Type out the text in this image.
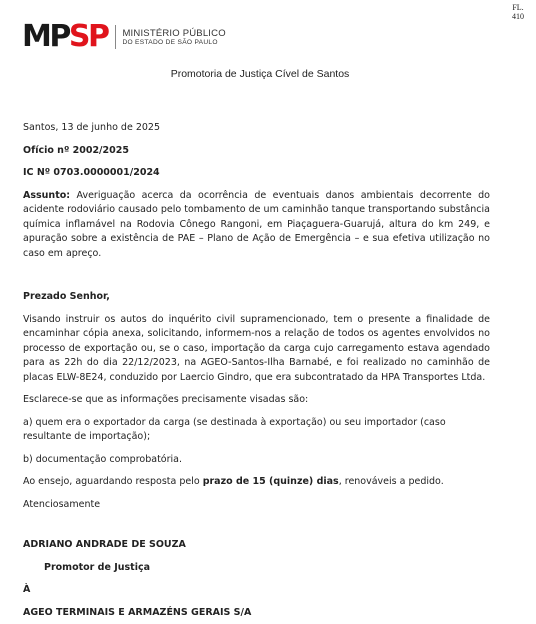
FL.
410
MPSP MINISTÉRIO PÚBLICO
DO ESTADO DE SÃO PAULO
Promotoria de Justiça Cível de Santos

Santos, 13 de junho de 2025

Ofício nº 2002/2025

IC Nº 0703.0000001/2024

Assunto: Averiguação acerca da ocorrência de eventuais danos ambientais decorrente do acidente rodoviário causado pelo tombamento de um caminhão tanque transportando substância química inflamável na Rodovia Cônego Rangoni, em Piaçaguera-Guarujá, altura do km 249, e apuração sobre a existência de PAE – Plano de Ação de Emergência – e sua efetiva utilização no caso em apreço.

Prezado Senhor,

Visando instruir os autos do inquérito civil supramencionado, tem o presente a finalidade de encaminhar cópia anexa, solicitando, informem-nos a relação de todos os agentes envolvidos no processo de exportação ou, se o caso, importação da carga cujo carregamento estava agendado para as 22h do dia 22/12/2023, na AGEO-Santos-Ilha Barnabé, e foi realizado no caminhão de placas ELW-8E24, conduzido por Laercio Gindro, que era subcontratado da HPA Transportes Ltda.

Esclarece-se que as informações precisamente visadas são:

a) quem era o exportador da carga (se destinada à exportação) ou seu importador (caso resultante de importação);

b) documentação comprobatória.

Ao ensejo, aguardando resposta pelo prazo de 15 (quinze) dias, renováveis a pedido.

Atenciosamente

ADRIANO ANDRADE DE SOUZA

Promotor de Justiça

À

AGEO TERMINAIS E ARMAZÉNS GERAIS S/A
